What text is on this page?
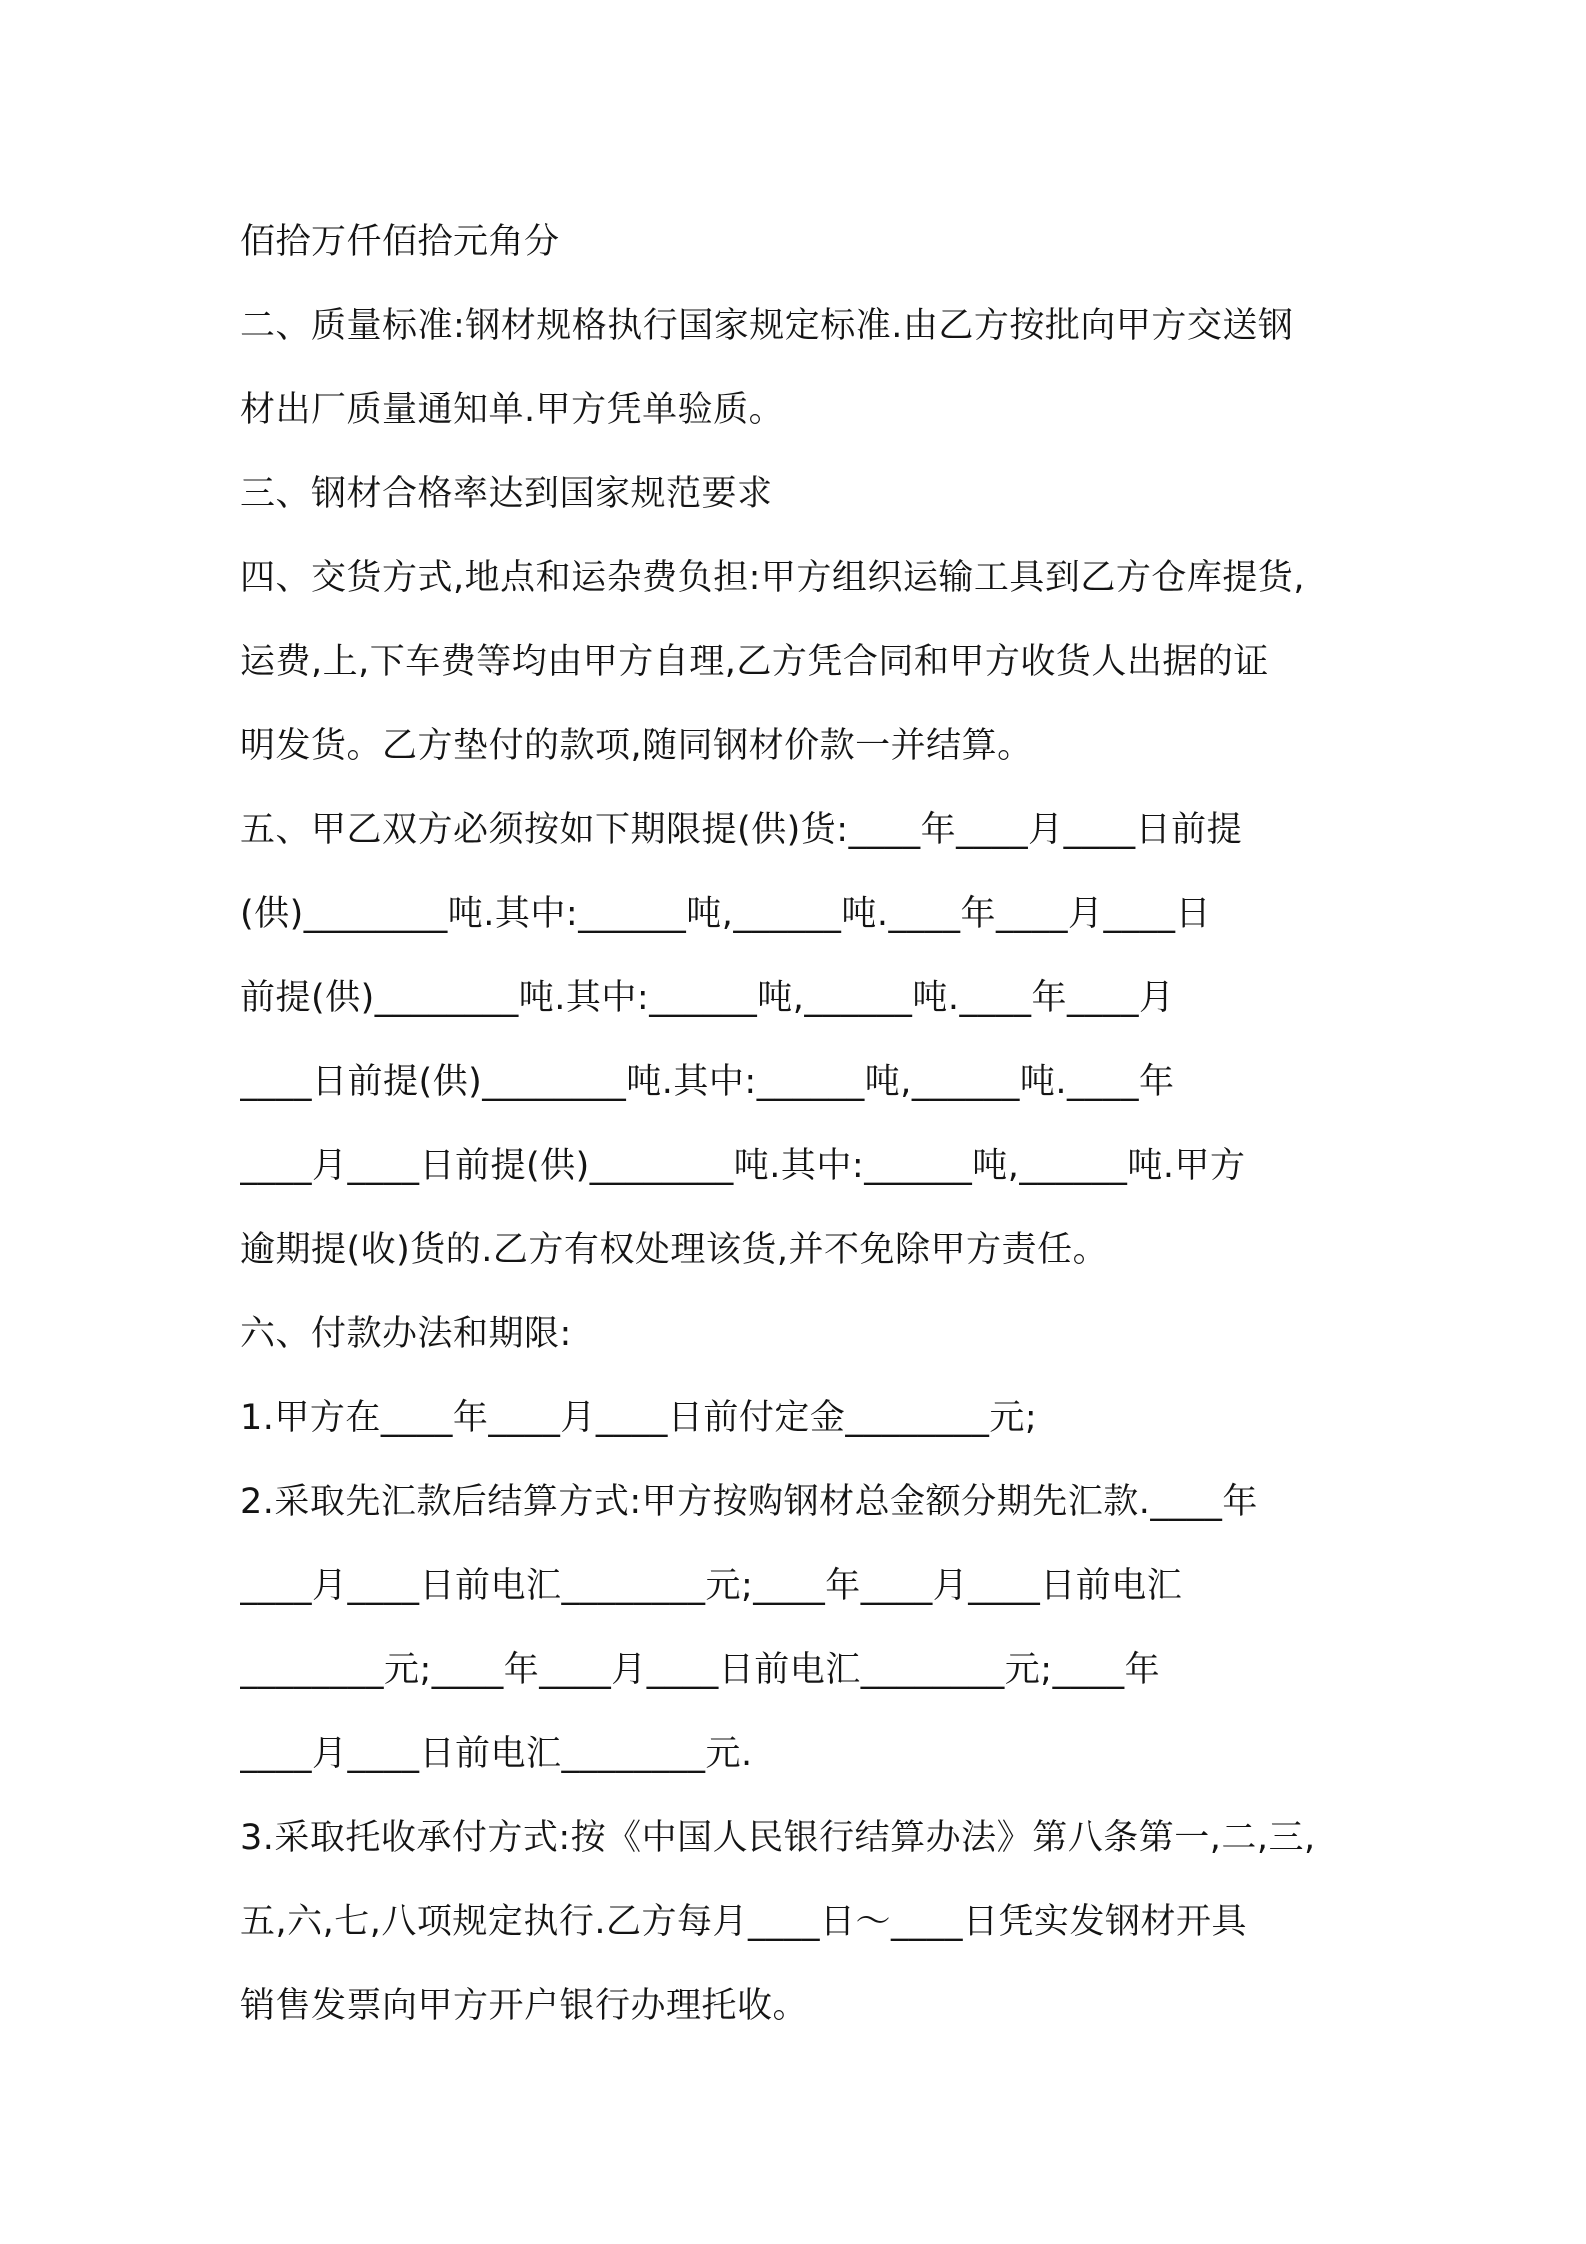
佰拾万仟佰拾元角分
二、质量标准:钢材规格执行国家规定标准.由乙方按批向甲方交送钢
材出厂质量通知单.甲方凭单验质。
三、钢材合格率达到国家规范要求
四、交货方式,地点和运杂费负担:甲方组织运输工具到乙方仓库提货,
运费,上,下车费等均由甲方自理,乙方凭合同和甲方收货人出据的证
明发货。乙方垫付的款项,随同钢材价款一并结算。
五、甲乙双方必须按如下期限提(供)货:____年____月____日前提
(供)________吨.其中:______吨,______吨.____年____月____日
前提(供)________吨.其中:______吨,______吨.____年____月
____日前提(供)________吨.其中:______吨,______吨.____年
____月____日前提(供)________吨.其中:______吨,______吨.甲方
逾期提(收)货的.乙方有权处理该货,并不免除甲方责任。
六、付款办法和期限:
1.甲方在____年____月____日前付定金________元;
2.采取先汇款后结算方式:甲方按购钢材总金额分期先汇款.____年
____月____日前电汇________元;____年____月____日前电汇
________元;____年____月____日前电汇________元;____年
____月____日前电汇________元.
3.采取托收承付方式:按《中国人民银行结算办法》第八条第一,二,三,
五,六,七,八项规定执行.乙方每月____日～____日凭实发钢材开具
销售发票向甲方开户银行办理托收。
